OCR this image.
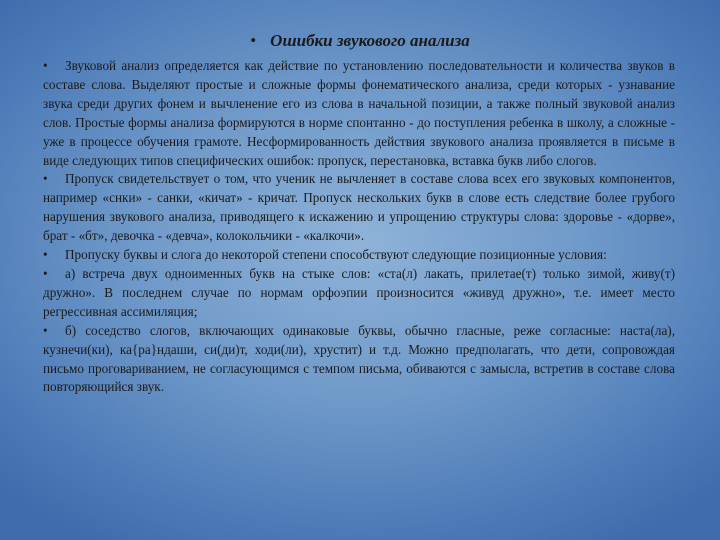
• Ошибки звукового анализа

• Звуковой анализ определяется как действие по установлению последовательности и количества звуков в составе слова. Выделяют простые и сложные формы фонематического анализа, среди которых - узнавание звука среди других фонем и вычленение его из слова в начальной позиции, а также полный звуковой анализ слов. Простые формы анализа формируются в норме спонтанно - до поступления ребенка в школу, а сложные - уже в процессе обучения грамоте. Несформированность действия звукового анализа проявляется в письме в виде следующих типов специфических ошибок: пропуск, перестановка, вставка букв либо слогов.

• Пропуск свидетельствует о том, что ученик не вычленяет в составе слова всех его звуковых компонентов, например «снки» - санки, «кичат» - кричат. Пропуск нескольких букв в слове есть следствие более грубого нарушения звукового анализа, приводящего к искажению и упрощению структуры слова: здоровье - «дорве», брат - «бт», девочка - «девча», колокольчики - «калкочи».

• Пропуску буквы и слога до некоторой степени способствуют следующие позиционные условия:

• а) встреча двух одноименных букв на стыке слов: «ста(л) лакать, прилетае(т) только зимой, живу(т) дружно». В последнем случае по нормам орфоэпии произносится «живуд дружно», т.е. имеет место регрессивная ассимиляция;

• б) соседство слогов, включающих одинаковые буквы, обычно гласные, реже согласные: наста(ла), кузнечи(ки), ка{ра}ндаши, си(ди)т, ходи(ли), хрустит) и т.д. Можно предполагать, что дети, сопровождая письмо проговариванием, не согласующимся с темпом письма, обиваются с замысла, встретив в составе слова повторяющийся звук.
